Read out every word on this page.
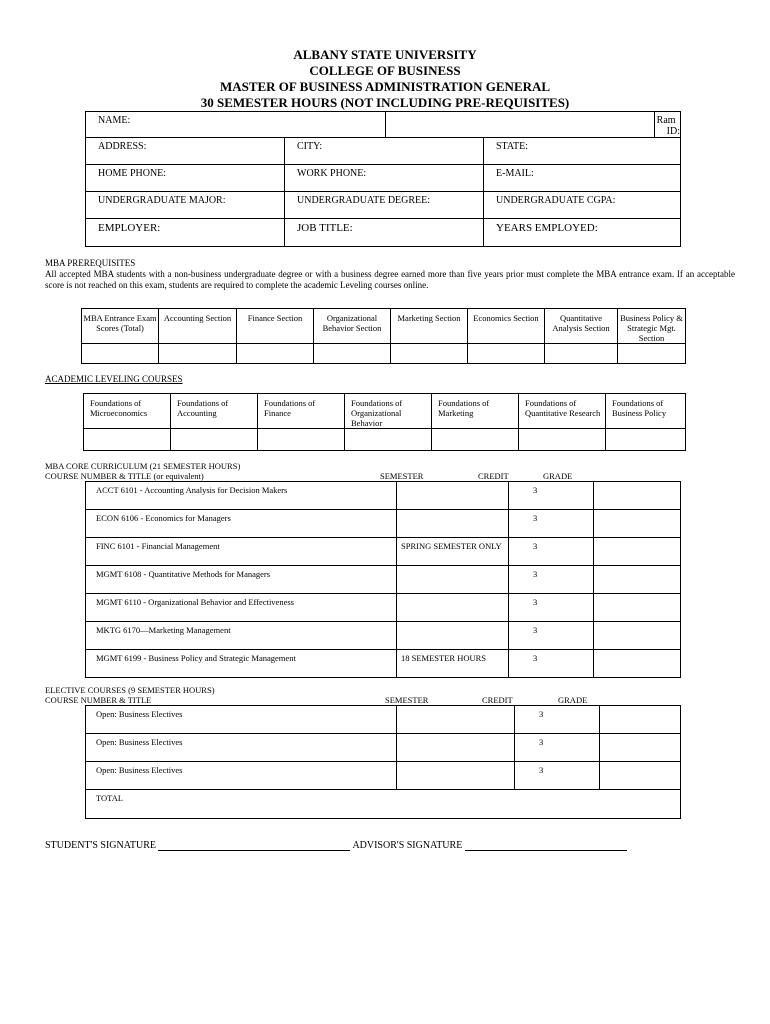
ALBANY STATE UNIVERSITY
COLLEGE OF BUSINESS
MASTER OF BUSINESS ADMINISTRATION GENERAL
30 SEMESTER HOURS (NOT INCLUDING PRE-REQUISITES)
NAME:	Ram ID:
ADDRESS:	CITY:	STATE:
HOME PHONE:	WORK PHONE:	E-MAIL:
UNDERGRADUATE MAJOR:	UNDERGRADUATE DEGREE:	UNDERGRADUATE CGPA:
EMPLOYER:	JOB TITLE:	YEARS EMPLOYED:
MBA PREREQUISITES
All accepted MBA students with a non-business undergraduate degree or with a business degree earned more than five years prior must complete the MBA entrance exam. If an acceptable score is not reached on this exam, students are required to complete the academic Leveling courses online.
MBA Entrance Exam Scores (Total)	Accounting Section	Finance Section	Organizational Behavior Section	Marketing Section	Economics Section	Quantitative Analysis Section	Business Policy & Strategic Mgt. Section

ACADEMIC LEVELING COURSES
Foundations of Microeconomics	Foundations of Accounting	Foundations of Finance	Foundations of Organizational Behavior	Foundations of Marketing	Foundations of Quantitative Research	Foundations of Business Policy

MBA CORE CURRICULUM (21 SEMESTER HOURS)
COURSE NUMBER & TITLE (or equivalent)	SEMESTER	CREDIT	GRADE
ACCT 6101 - Accounting Analysis for Decision Makers		3	
ECON 6106 - Economics for Managers		3	
FINC 6101 - Financial Management	SPRING SEMESTER ONLY	3	
MGMT 6108 - Quantitative Methods for Managers		3	
MGMT 6110 - Organizational Behavior and Effectiveness		3	
MKTG 6170—Marketing Management		3	
MGMT 6199 - Business Policy and Strategic Management	18 SEMESTER HOURS	3	
ELECTIVE COURSES (9 SEMESTER HOURS)
COURSE NUMBER & TITLE	SEMESTER	CREDIT	GRADE
Open: Business Electives		3	
Open: Business Electives		3	
Open: Business Electives		3	
TOTAL			
STUDENT'S SIGNATURE	ADVISOR'S SIGNATURE
